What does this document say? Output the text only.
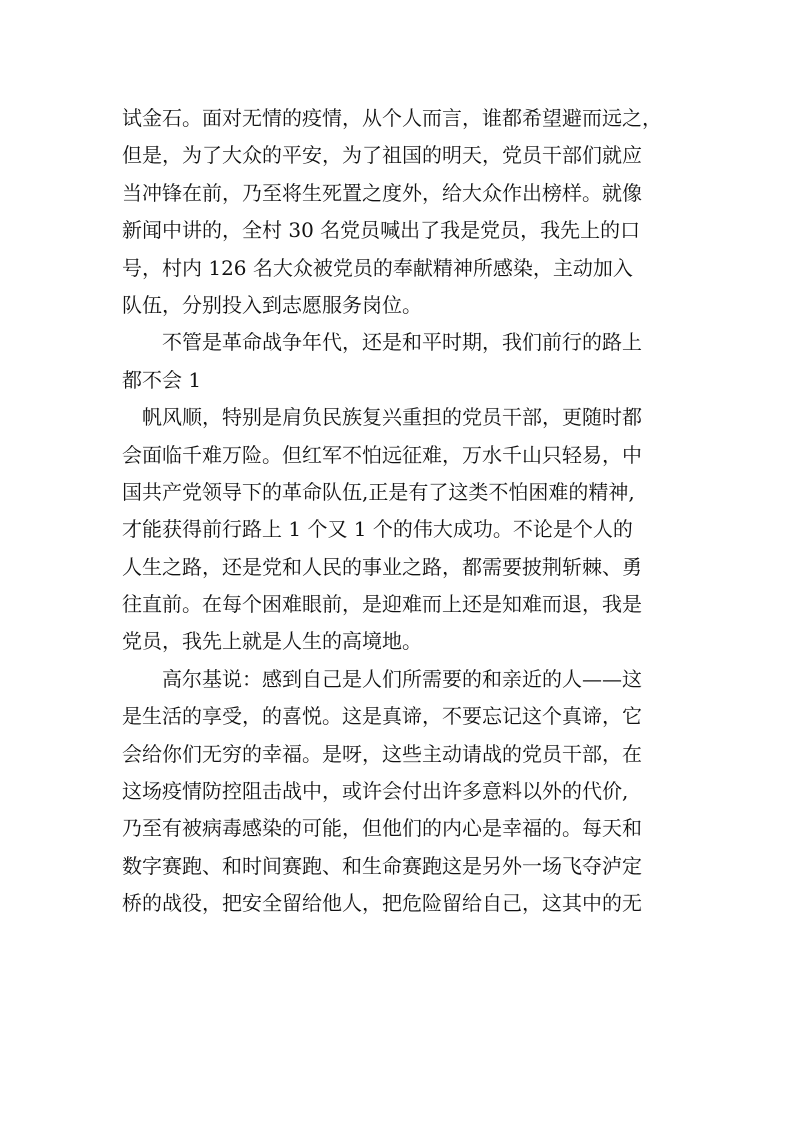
试金石。面对无情的疫情，从个人而言，谁都希望避而远之，
但是，为了大众的平安，为了祖国的明天，党员干部们就应
当冲锋在前，乃至将生死置之度外，给大众作出榜样。就像
新闻中讲的，全村 30 名党员喊出了我是党员，我先上的口
号，村内 126 名大众被党员的奉献精神所感染，主动加入
队伍，分别投入到志愿服务岗位。
不管是革命战争年代，还是和平时期，我们前行的路上
都不会 1
帆风顺，特别是肩负民族复兴重担的党员干部，更随时都
会面临千难万险。但红军不怕远征难，万水千山只轻易，中
国共产党领导下的革命队伍,正是有了这类不怕困难的精神,
才能获得前行路上 1 个又 1 个的伟大成功。不论是个人的
人生之路，还是党和人民的事业之路，都需要披荆斩棘、勇
往直前。在每个困难眼前，是迎难而上还是知难而退，我是
党员，我先上就是人生的高境地。
高尔基说：感到自己是人们所需要的和亲近的人——这
是生活的享受，的喜悦。这是真谛，不要忘记这个真谛，它
会给你们无穷的幸福。是呀，这些主动请战的党员干部，在
这场疫情防控阻击战中，或许会付出许多意料以外的代价,
乃至有被病毒感染的可能，但他们的内心是幸福的。每天和
数字赛跑、和时间赛跑、和生命赛跑这是另外一场飞夺泸定
桥的战役，把安全留给他人，把危险留给自己，这其中的无
